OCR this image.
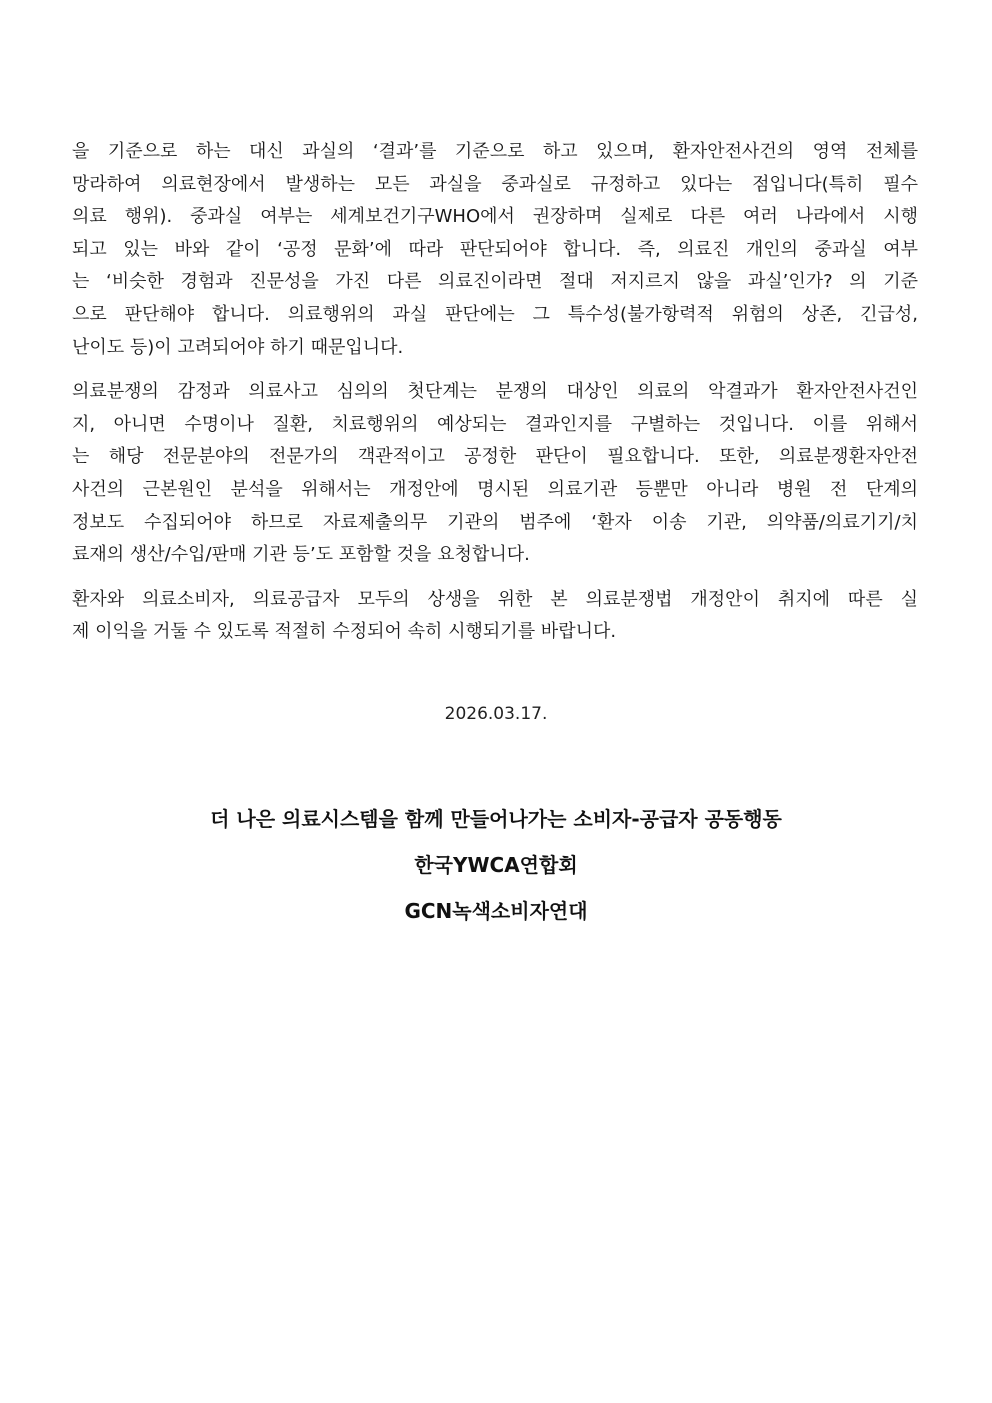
을 기준으로 하는 대신 과실의 ‘결과’를 기준으로 하고 있으며, 환자안전사건의 영역 전체를
망라하여 의료현장에서 발생하는 모든 과실을 중과실로 규정하고 있다는 점입니다(특히 필수
의료 행위). 중과실 여부는 세계보건기구WHO에서 권장하며 실제로 다른 여러 나라에서 시행
되고 있는 바와 같이 ‘공정 문화’에 따라 판단되어야 합니다. 즉, 의료진 개인의 중과실 여부
는 ‘비슷한 경험과 진문성을 가진 다른 의료진이라면 절대 저지르지 않을 과실’인가? 의 기준
으로 판단해야 합니다. 의료행위의 과실 판단에는 그 특수성(불가항력적 위험의 상존, 긴급성,
난이도 등)이 고려되어야 하기 때문입니다.

의료분쟁의 감정과 의료사고 심의의 첫단계는 분쟁의 대상인 의료의 악결과가 환자안전사건인
지, 아니면 수명이나 질환, 치료행위의 예상되는 결과인지를 구별하는 것입니다. 이를 위해서
는 해당 전문분야의 전문가의 객관적이고 공정한 판단이 필요합니다. 또한, 의료분쟁환자안전
사건의 근본원인 분석을 위해서는 개정안에 명시된 의료기관 등뿐만 아니라 병원 전 단계의
정보도 수집되어야 하므로 자료제출의무 기관의 범주에 ‘환자 이송 기관, 의약품/의료기기/치
료재의 생산/수입/판매 기관 등’도 포함할 것을 요청합니다.

환자와 의료소비자, 의료공급자 모두의 상생을 위한 본 의료분쟁법 개정안이 취지에 따른 실
제 이익을 거둘 수 있도록 적절히 수정되어 속히 시행되기를 바랍니다.

2026.03.17.
더 나은 의료시스템을 함께 만들어나가는 소비자-공급자 공동행동
한국YWCA연합회
GCN녹색소비자연대
